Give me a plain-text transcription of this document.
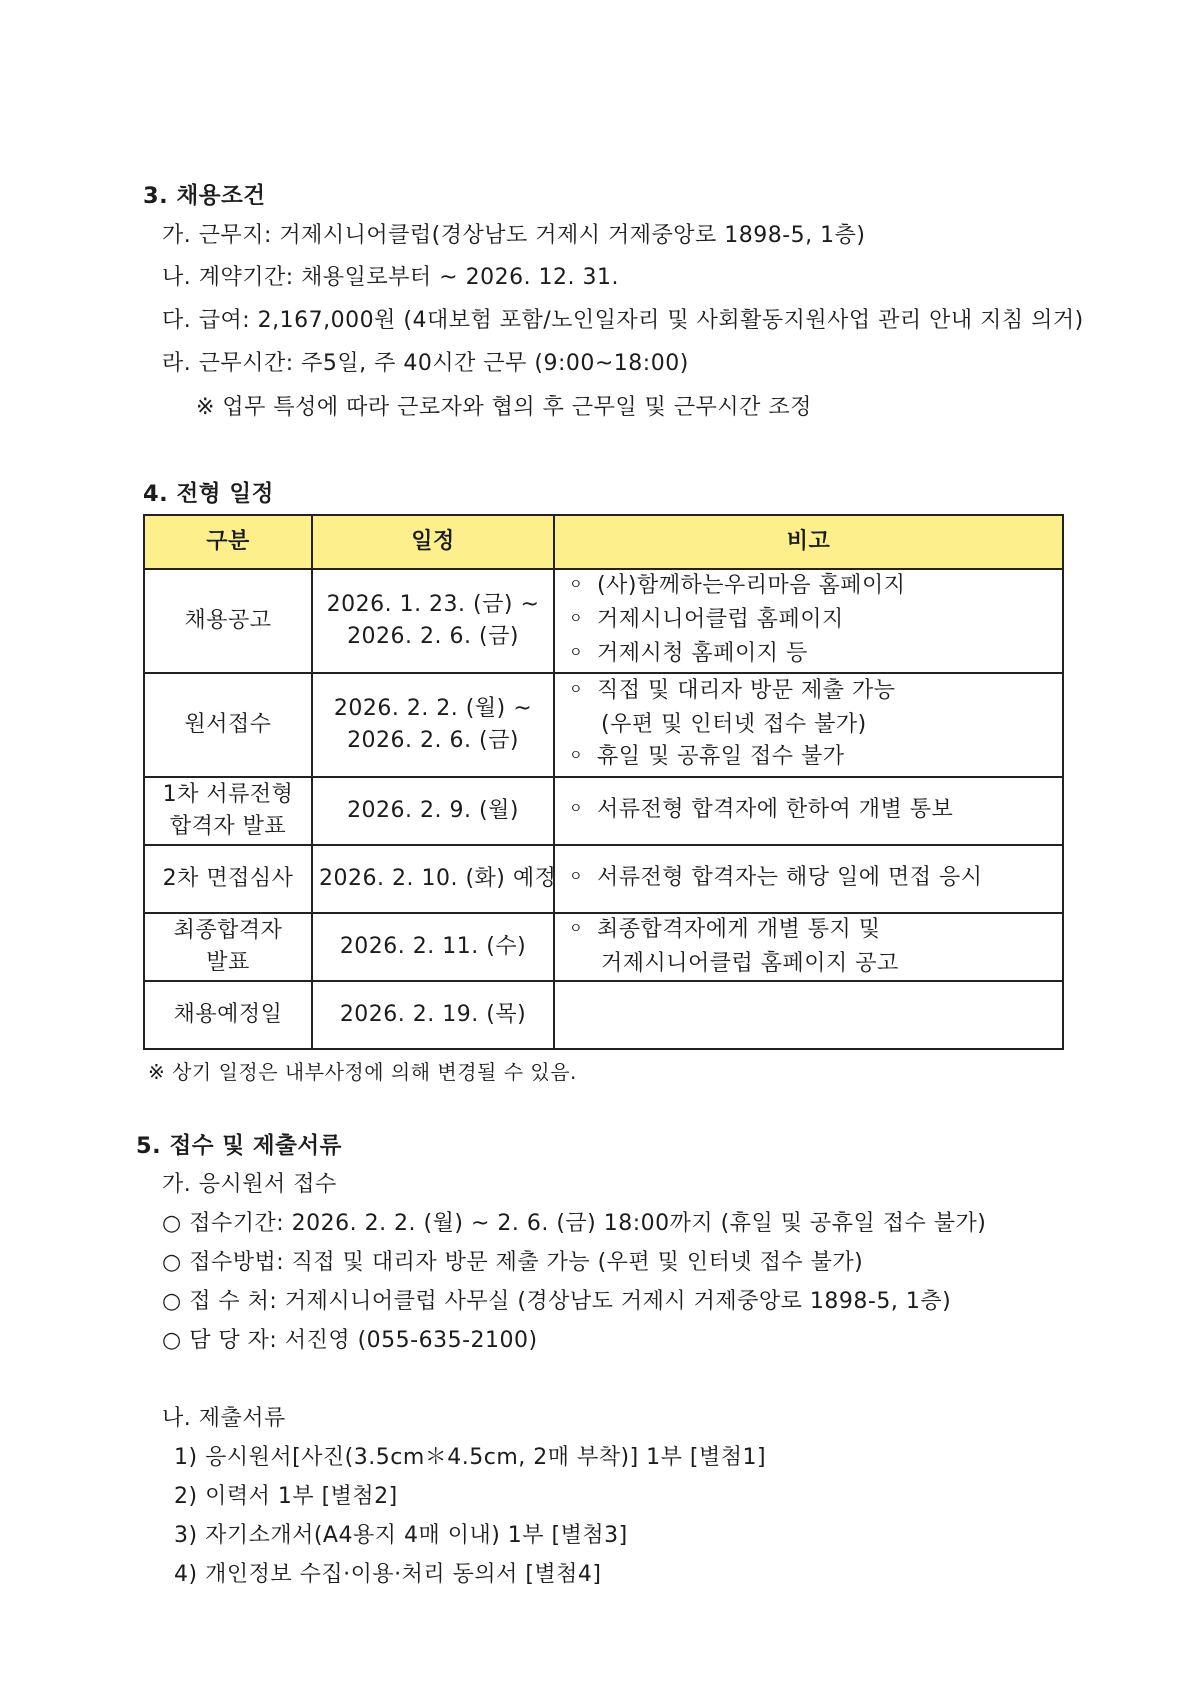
3. 채용조건
가. 근무지: 거제시니어클럽(경상남도 거제시 거제중앙로 1898-5, 1층)
나. 계약기간: 채용일로부터 ~ 2026. 12. 31.
다. 급여: 2,167,000원 (4대보험 포함/노인일자리 및 사회활동지원사업 관리 안내 지침 의거)
라. 근무시간: 주5일, 주 40시간 근무 (9:00~18:00)
※ 업무 특성에 따라 근로자와 협의 후 근무일 및 근무시간 조정
4. 전형 일정
구분	일정	비고

채용공고	2026. 1. 23. (금) ~
2026. 2. 6. (금)	ㅇ (사)함께하는우리마음 홈페이지
ㅇ 거제시니어클럽 홈페이지
ㅇ 거제시청 홈페이지 등

원서접수	2026. 2. 2. (월) ~
2026. 2. 6. (금)	ㅇ 직접 및 대리자 방문 제출 가능
(우편 및 인터넷 접수 불가)
ㅇ 휴일 및 공휴일 접수 불가

1차 서류전형
합격자 발표	2026. 2. 9. (월)	ㅇ 서류전형 합격자에 한하여 개별 통보

2차 면접심사	2026. 2. 10. (화) 예정	ㅇ 서류전형 합격자는 해당 일에 면접 응시

최종합격자
발표	2026. 2. 11. (수)	ㅇ 최종합격자에게 개별 통지 및
거제시니어클럽 홈페이지 공고

채용예정일	2026. 2. 19. (목)	

※ 상기 일정은 내부사정에 의해 변경될 수 있음.
5. 접수 및 제출서류
가. 응시원서 접수
○ 접수기간: 2026. 2. 2. (월) ~ 2. 6. (금) 18:00까지 (휴일 및 공휴일 접수 불가)
○ 접수방법: 직접 및 대리자 방문 제출 가능 (우편 및 인터넷 접수 불가)
○ 접 수 처: 거제시니어클럽 사무실 (경상남도 거제시 거제중앙로 1898-5, 1층)
○ 담 당 자: 서진영 (055-635-2100)
나. 제출서류
1) 응시원서[사진(3.5cm＊4.5cm, 2매 부착)] 1부 [별첨1]
2) 이력서 1부 [별첨2]
3) 자기소개서(A4용지 4매 이내) 1부 [별첨3]
4) 개인정보 수집·이용·처리 동의서 [별첨4]
